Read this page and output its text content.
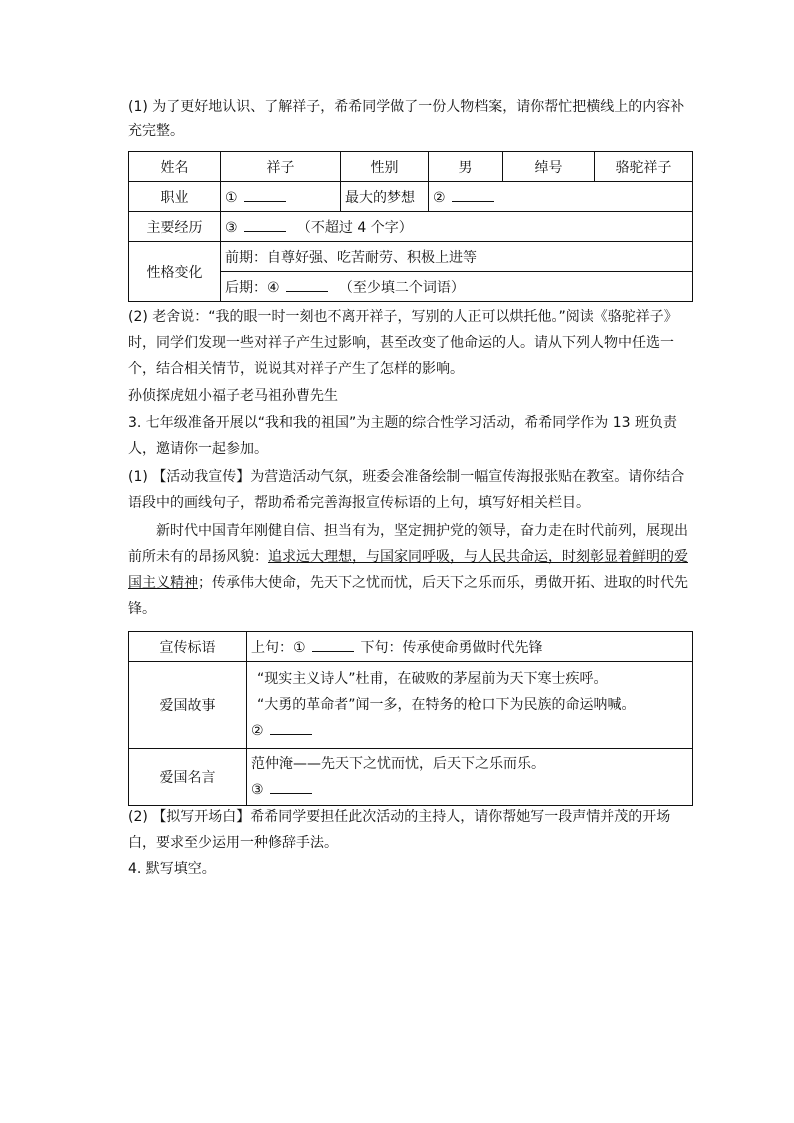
(1) 为了更好地认识、了解祥子，希希同学做了一份人物档案，请你帮忙把横线上的内容补充完整。
姓名	祥子	性别	男	绰号	骆驼祥子
职业	①	最大的梦想	②		
主要经历	③ （不超过 4 个字）				
性格变化	前期：自尊好强、吃苦耐劳、积极上进等				
	后期：④ （至少填二个词语）				
(2) 老舍说：“我的眼一时一刻也不离开祥子，写别的人正可以烘托他。”阅读《骆驼祥子》时，同学们发现一些对祥子产生过影响，甚至改变了他命运的人。请从下列人物中任选一个，结合相关情节，说说其对祥子产生了怎样的影响。
孙侦探虎妞小福子老马祖孙曹先生
3. 七年级准备开展以“我和我的祖国”为主题的综合性学习活动，希希同学作为 13 班负责人，邀请你一起参加。
(1) 【活动我宣传】为营造活动气氛，班委会准备绘制一幅宣传海报张贴在教室。请你结合语段中的画线句子，帮助希希完善海报宣传标语的上句，填写好相关栏目。
新时代中国青年刚健自信、担当有为，坚定拥护党的领导，奋力走在时代前列，展现出前所未有的昂扬风貌：追求远大理想，与国家同呼吸，与人民共命运，时刻彰显着鲜明的爱国主义精神；传承伟大使命，先天下之忧而忧，后天下之乐而乐，勇做开拓、进取的时代先锋。
宣传标语	上句：① 下句：传承使命勇做时代先锋
爱国故事	“现实主义诗人”杜甫，在破败的茅屋前为天下寒士疾呼。
“大勇的革命者”闻一多，在特务的枪口下为民族的命运呐喊。
②

爱国名言	范仲淹——先天下之忧而忧，后天下之乐而乐。
③
(2) 【拟写开场白】希希同学要担任此次活动的主持人，请你帮她写一段声情并茂的开场白，要求至少运用一种修辞手法。
4. 默写填空。
